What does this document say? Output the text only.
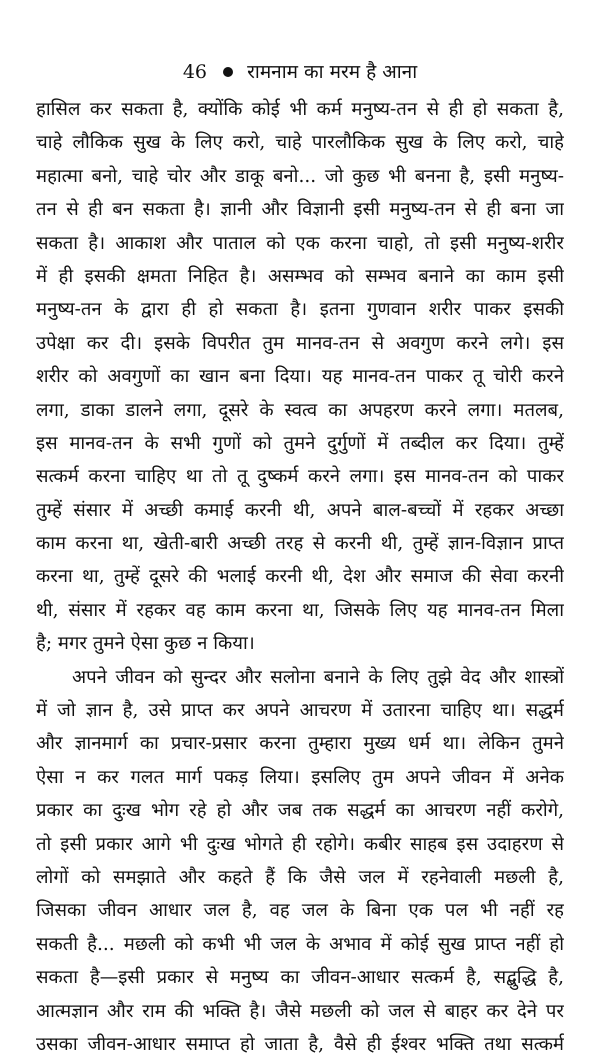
46 रामनाम का मरम है आना
हासिल कर सकता है, क्योंकि कोई भी कर्म मनुष्य-तन से ही हो सकता है,
चाहे लौकिक सुख के लिए करो, चाहे पारलौकिक सुख के लिए करो, चाहे
महात्मा बनो, चाहे चोर और डाकू बनो... जो कुछ भी बनना है, इसी मनुष्य-
तन से ही बन सकता है। ज्ञानी और विज्ञानी इसी मनुष्य-तन से ही बना जा
सकता है। आकाश और पाताल को एक करना चाहो, तो इसी मनुष्य-शरीर
में ही इसकी क्षमता निहित है। असम्भव को सम्भव बनाने का काम इसी
मनुष्य-तन के द्वारा ही हो सकता है। इतना गुणवान शरीर पाकर इसकी
उपेक्षा कर दी। इसके विपरीत तुम मानव-तन से अवगुण करने लगे। इस
शरीर को अवगुणों का खान बना दिया। यह मानव-तन पाकर तू चोरी करने
लगा, डाका डालने लगा, दूसरे के स्वत्व का अपहरण करने लगा। मतलब,
इस मानव-तन के सभी गुणों को तुमने दुर्गुणों में तब्दील कर दिया। तुम्हें
सत्कर्म करना चाहिए था तो तू दुष्कर्म करने लगा। इस मानव-तन को पाकर
तुम्हें संसार में अच्छी कमाई करनी थी, अपने बाल-बच्चों में रहकर अच्छा
काम करना था, खेती-बारी अच्छी तरह से करनी थी, तुम्हें ज्ञान-विज्ञान प्राप्त
करना था, तुम्हें दूसरे की भलाई करनी थी, देश और समाज की सेवा करनी
थी, संसार में रहकर वह काम करना था, जिसके लिए यह मानव-तन मिला
है; मगर तुमने ऐसा कुछ न किया।
अपने जीवन को सुन्दर और सलोना बनाने के लिए तुझे वेद और शास्त्रों
में जो ज्ञान है, उसे प्राप्त कर अपने आचरण में उतारना चाहिए था। सद्धर्म
और ज्ञानमार्ग का प्रचार-प्रसार करना तुम्हारा मुख्य धर्म था। लेकिन तुमने
ऐसा न कर गलत मार्ग पकड़ लिया। इसलिए तुम अपने जीवन में अनेक
प्रकार का दुःख भोग रहे हो और जब तक सद्धर्म का आचरण नहीं करोगे,
तो इसी प्रकार आगे भी दुःख भोगते ही रहोगे। कबीर साहब इस उदाहरण से
लोगों को समझाते और कहते हैं कि जैसे जल में रहनेवाली मछली है,
जिसका जीवन आधार जल है, वह जल के बिना एक पल भी नहीं रह
सकती है... मछली को कभी भी जल के अभाव में कोई सुख प्राप्त नहीं हो
सकता है—इसी प्रकार से मनुष्य का जीवन-आधार सत्कर्म है, सद्बुद्धि है,
आत्मज्ञान और राम की भक्ति है। जैसे मछली को जल से बाहर कर देने पर
उसका जीवन-आधार समाप्त हो जाता है, वैसे ही ईश्वर भक्ति तथा सत्कर्म
